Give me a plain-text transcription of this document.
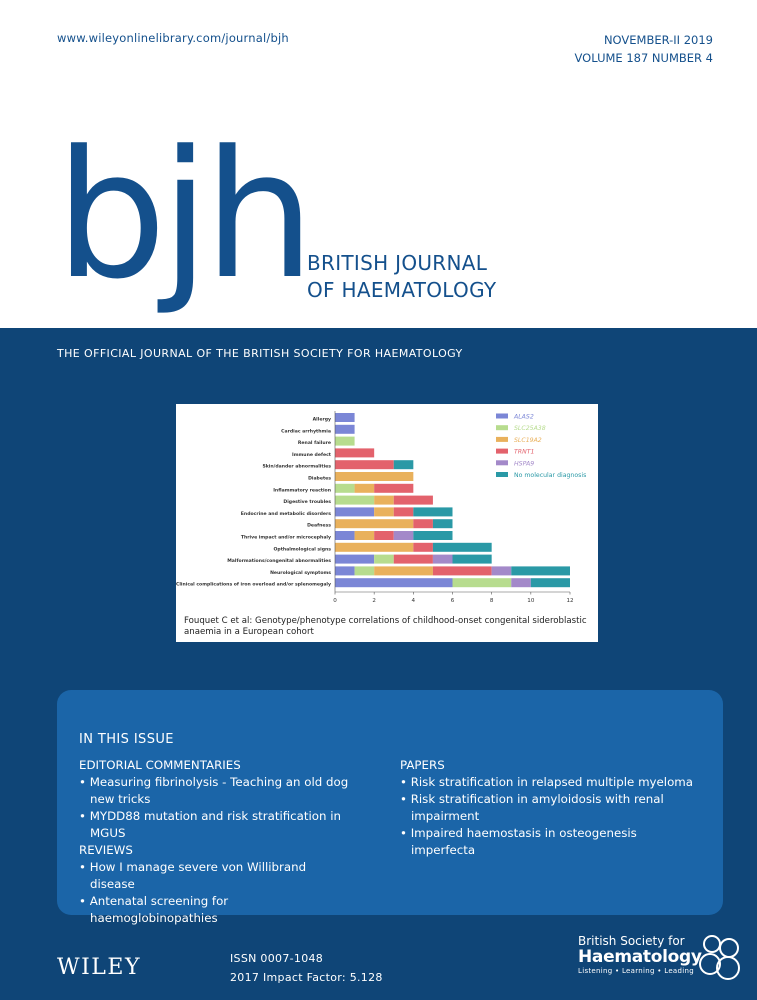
www.wileyonlinelibrary.com/journal/bjh	NOVEMBER-II 2019
VOLUME 187 NUMBER 4
bjh
BRITISH JOURNAL
OF HAEMATOLOGY
THE OFFICIAL JOURNAL OF THE BRITISH SOCIETY FOR HAEMATOLOGY
Allergy
Cardiac arrhythmia
Renal failure
Immune defect
Skin/dander abnormalities
Diabetes
Inflammatory reaction
Digestive troubles
Endocrine and metabolic disorders
Deafness
Thrive impact and/or microcephaly
Opthalmological signs
Malformations/congenital abnormalities
Neurological symptoms
Clinical complications of iron overload and/or splenomegaly
0	2	4	6	8	10	12
ALAS2
SLC25A38
SLC19A2
TRNT1
HSPA9
No molecular diagnosis
Fouquet C et al: Genotype/phenotype correlations of childhood-onset congenital sideroblastic anaemia in a European cohort
IN THIS ISSUE
EDITORIAL COMMENTARIES
• Measuring fibrinolysis - Teaching an old dog new tricks
• MYDD88 mutation and risk stratification in MGUS
REVIEWS
• How I manage severe von Willibrand disease
• Antenatal screening for haemoglobinopathies
PAPERS
• Risk stratification in relapsed multiple myeloma
• Risk stratification in amyloidosis with renal impairment
• Impaired haemostasis in osteogenesis imperfecta
WILEY	ISSN 0007-1048
2017 Impact Factor: 5.128
British Society for
Haematology
Listening • Learning • Leading
